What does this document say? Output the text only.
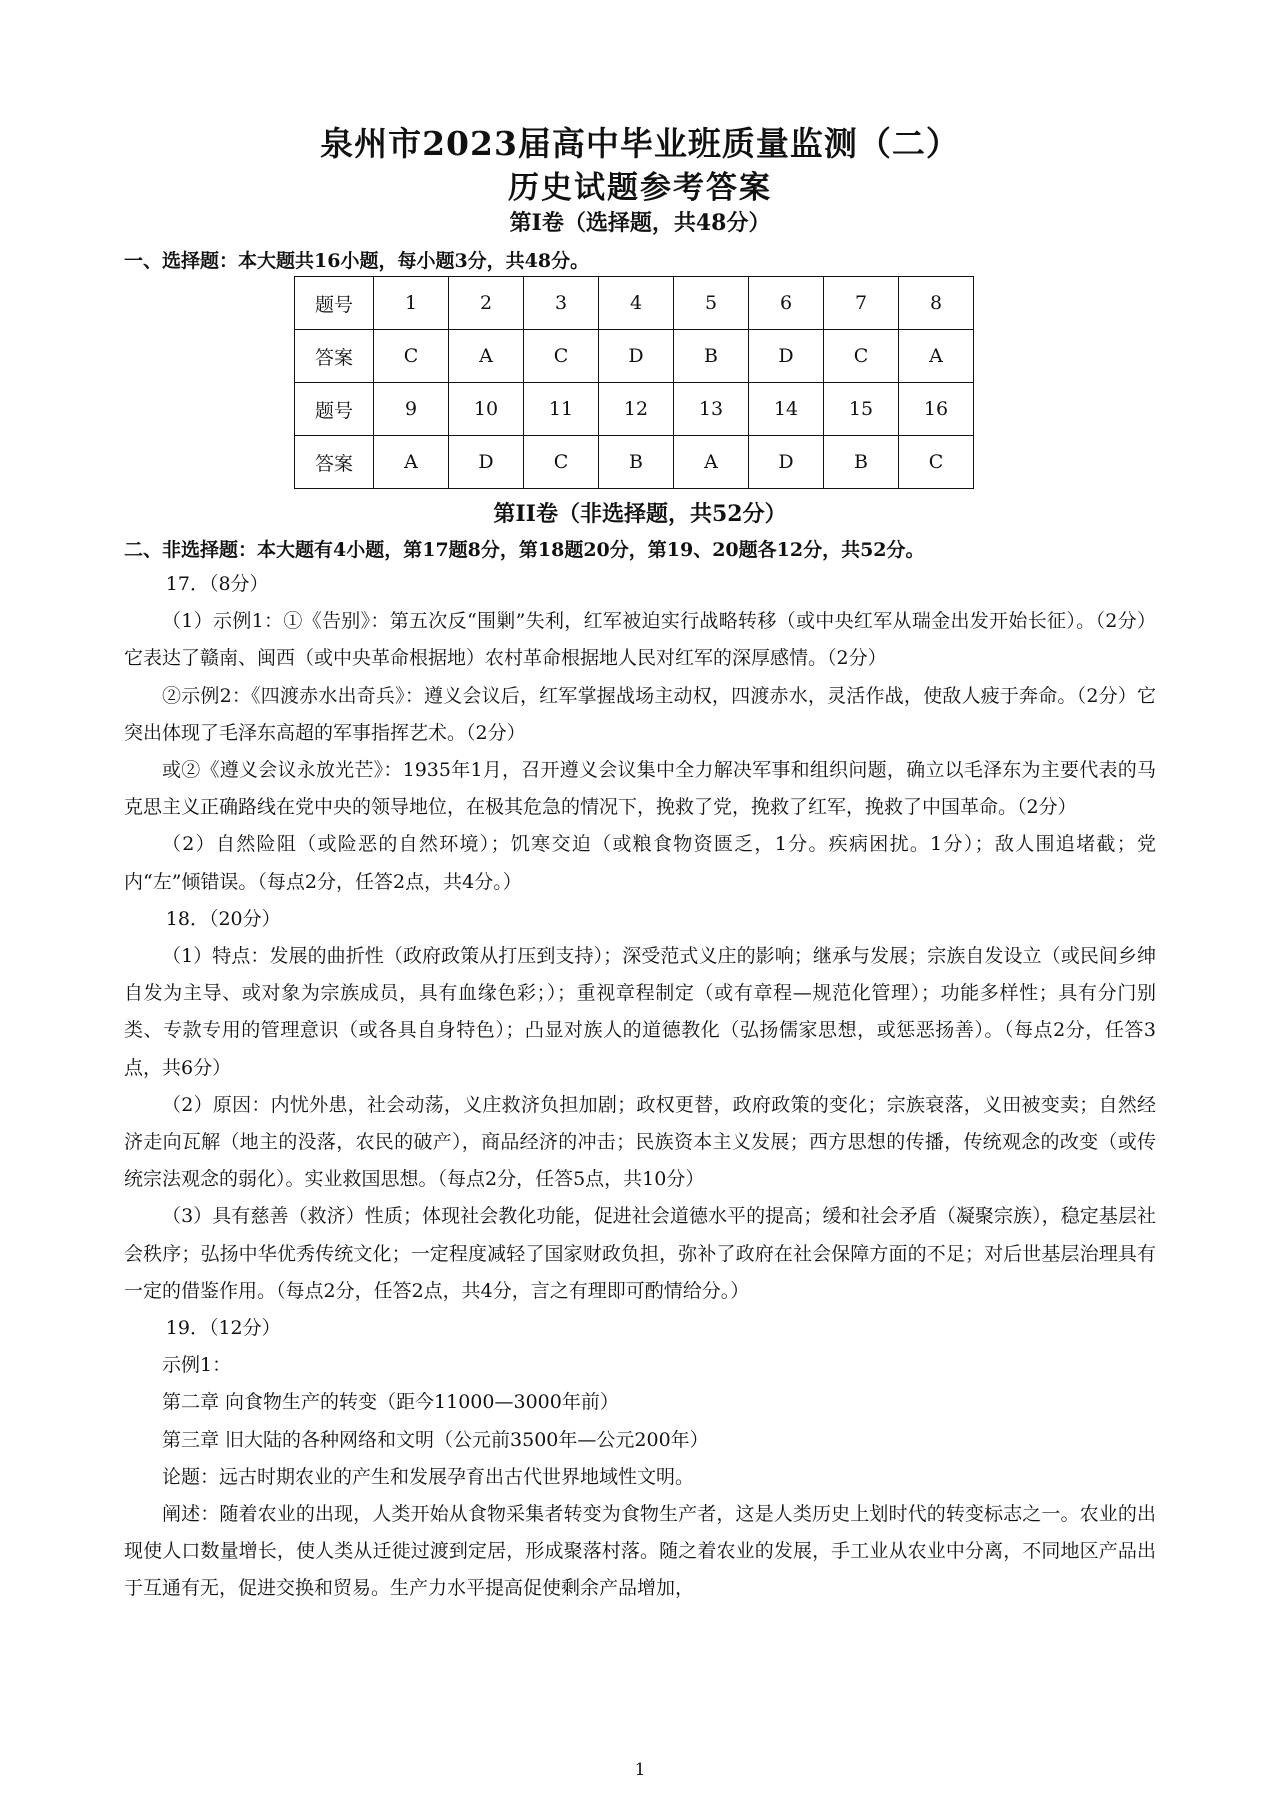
泉州市2023届高中毕业班质量监测（二）
历史试题参考答案
第Ⅰ卷（选择题，共48分）
一、选择题：本大题共16小题，每小题3分，共48分。
题号	1	2	3	4	5	6	7	8
答案	C	A	C	D	B	D	C	A
题号	9	10	11	12	13	14	15	16
答案	A	D	C	B	A	D	B	C
第II卷（非选择题，共52分）
二、非选择题：本大题有4小题，第17题8分，第18题20分，第19、20题各12分，共52分。

17．（8分）

（1）示例1：①《告别》：第五次反“围剿”失利，红军被迫实行战略转移（或中央红军从瑞金出发开始长征）。（2分）它表达了赣南、闽西（或中央革命根据地）农村革命根据地人民对红军的深厚感情。（2分）

②示例2：《四渡赤水出奇兵》：遵义会议后，红军掌握战场主动权，四渡赤水，灵活作战，使敌人疲于奔命。（2分）它突出体现了毛泽东高超的军事指挥艺术。（2分）

或②《遵义会议永放光芒》：1935年1月，召开遵义会议集中全力解决军事和组织问题，确立以毛泽东为主要代表的马克思主义正确路线在党中央的领导地位，在极其危急的情况下，挽救了党，挽救了红军，挽救了中国革命。（2分）

（2）自然险阻（或险恶的自然环境）；饥寒交迫（或粮食物资匮乏，1分。疾病困扰。1分）；敌人围追堵截；党内“左”倾错误。（每点2分，任答2点，共4分。）

18．（20分）

（1）特点：发展的曲折性（政府政策从打压到支持）；深受范式义庄的影响；继承与发展；宗族自发设立（或民间乡绅自发为主导、或对象为宗族成员，具有血缘色彩；）；重视章程制定（或有章程—规范化管理）；功能多样性；具有分门别类、专款专用的管理意识（或各具自身特色）；凸显对族人的道德教化（弘扬儒家思想，或惩恶扬善）。（每点2分，任答3点，共6分）

（2）原因：内忧外患，社会动荡，义庄救济负担加剧；政权更替，政府政策的变化；宗族衰落，义田被变卖；自然经济走向瓦解（地主的没落，农民的破产），商品经济的冲击；民族资本主义发展；西方思想的传播，传统观念的改变（或传统宗法观念的弱化）。实业救国思想。（每点2分，任答5点，共10分）

（3）具有慈善（救济）性质；体现社会教化功能，促进社会道德水平的提高；缓和社会矛盾（凝聚宗族），稳定基层社会秩序；弘扬中华优秀传统文化；一定程度减轻了国家财政负担，弥补了政府在社会保障方面的不足；对后世基层治理具有一定的借鉴作用。（每点2分，任答2点，共4分，言之有理即可酌情给分。）

19．（12分）

示例1：

第二章 向食物生产的转变（距今11000—3000年前）

第三章 旧大陆的各种网络和文明（公元前3500年—公元200年）

论题：远古时期农业的产生和发展孕育出古代世界地域性文明。

阐述：随着农业的出现，人类开始从食物采集者转变为食物生产者，这是人类历史上划时代的转变标志之一。农业的出现使人口数量增长，使人类从迁徙过渡到定居，形成聚落村落。随之着农业的发展，手工业从农业中分离，不同地区产品出于互通有无，促进交换和贸易。生产力水平提高促使剩余产品增加，

1
